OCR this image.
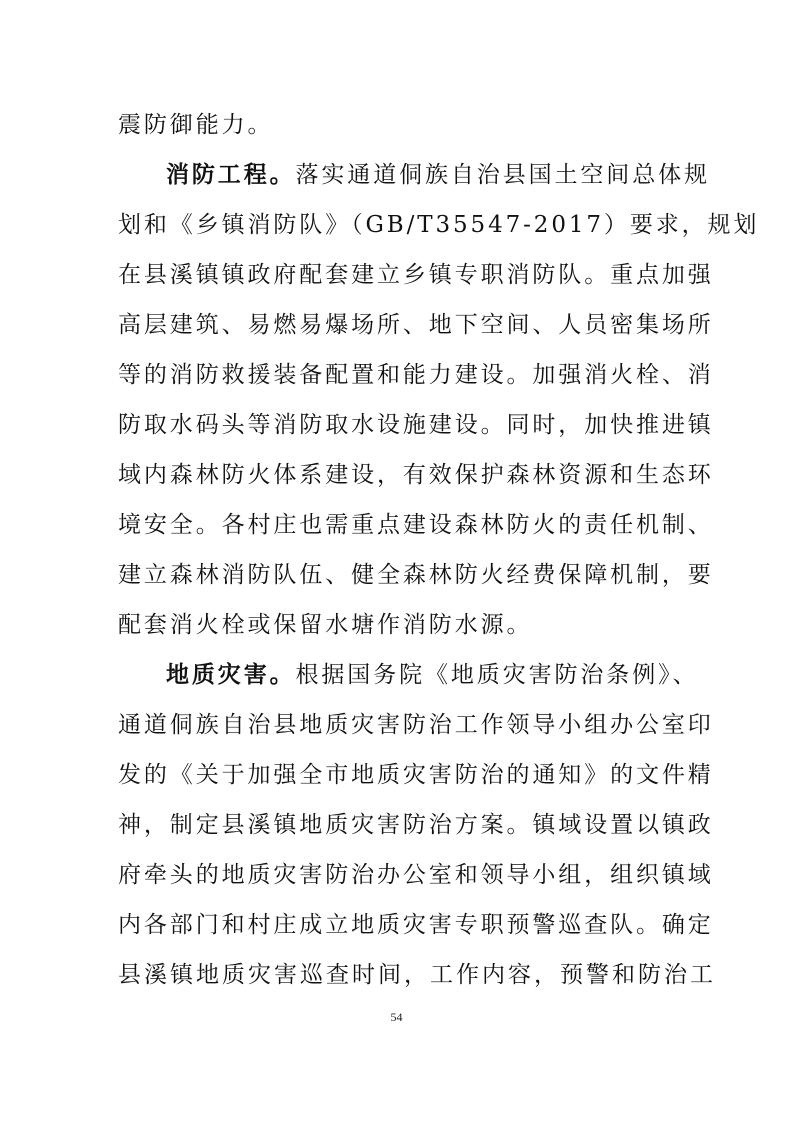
震防御能力。
消防工程。落实通道侗族自治县国土空间总体规
划和《乡镇消防队》（GB/T35547-2017）要求，规划
在县溪镇镇政府配套建立乡镇专职消防队。重点加强
高层建筑、易燃易爆场所、地下空间、人员密集场所
等的消防救援装备配置和能力建设。加强消火栓、消
防取水码头等消防取水设施建设。同时，加快推进镇
域内森林防火体系建设，有效保护森林资源和生态环
境安全。各村庄也需重点建设森林防火的责任机制、
建立森林消防队伍、健全森林防火经费保障机制，要
配套消火栓或保留水塘作消防水源。
地质灾害。根据国务院《地质灾害防治条例》、
通道侗族自治县地质灾害防治工作领导小组办公室印
发的《关于加强全市地质灾害防治的通知》的文件精
神，制定县溪镇地质灾害防治方案。镇域设置以镇政
府牵头的地质灾害防治办公室和领导小组，组织镇域
内各部门和村庄成立地质灾害专职预警巡查队。确定
县溪镇地质灾害巡查时间，工作内容，预警和防治工
54
